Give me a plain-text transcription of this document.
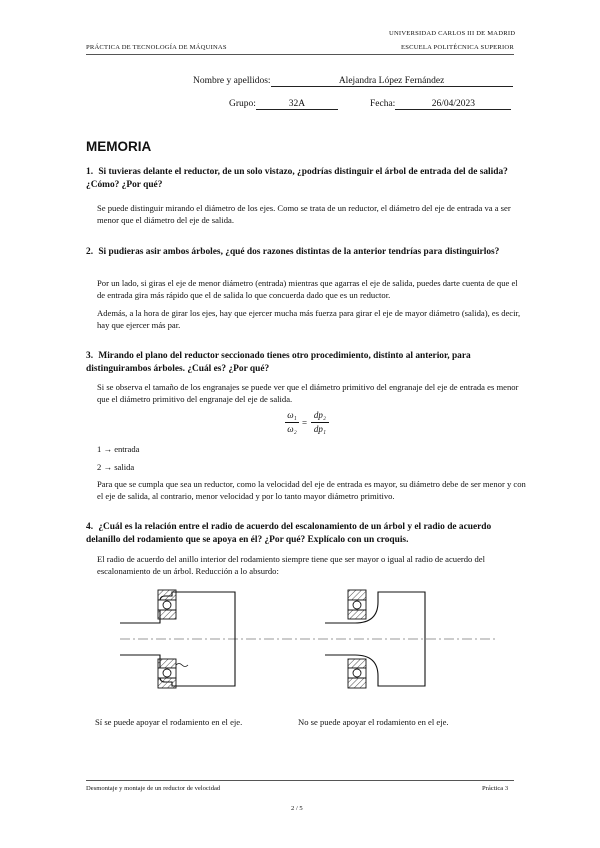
UNIVERSIDAD CARLOS III DE MADRID
PRÁCTICA DE TECNOLOGÍA DE MÁQUINAS	ESCUELA POLITÉCNICA SUPERIOR
Nombre y apellidos:	Alejandra López Fernández
Grupo:	32A	Fecha:	26/04/2023
MEMORIA
1. Si tuvieras delante el reductor, de un solo vistazo, ¿podrías distinguir el árbol de entrada del de salida? ¿Cómo? ¿Por qué?

Se puede distinguir mirando el diámetro de los ejes. Como se trata de un reductor, el diámetro del eje de entrada va a ser menor que el diámetro del eje de salida.

2. Si pudieras asir ambos árboles, ¿qué dos razones distintas de la anterior tendrías para distinguirlos?

Por un lado, si giras el eje de menor diámetro (entrada) mientras que agarras el eje de salida, puedes darte cuenta de que el de entrada gira más rápido que el de salida lo que concuerda dado que es un reductor.

Además, a la hora de girar los ejes, hay que ejercer mucha más fuerza para girar el eje de mayor diámetro (salida), es decir, hay que ejercer más par.

3. Mirando el plano del reductor seccionado tienes otro procedimiento, distinto al anterior, para distinguirambos árboles. ¿Cuál es? ¿Por qué?

Si se observa el tamaño de los engranajes se puede ver que el diámetro primitivo del engranaje del eje de entrada es menor que el diámetro primitivo del engranaje del eje de salida.

ω₁
ω₂
=
dp₂
dp₁

1 → entrada

2 → salida

Para que se cumpla que sea un reductor, como la velocidad del eje de entrada es mayor, su diámetro debe de ser menor y con el eje de salida, al contrario, menor velocidad y por lo tanto mayor diámetro primitivo.

4. ¿Cuál es la relación entre el radio de acuerdo del escalonamiento de un árbol y el radio de acuerdo delanillo del rodamiento que se apoya en él? ¿Por qué? Explícalo con un croquis.

El radio de acuerdo del anillo interior del rodamiento siempre tiene que ser mayor o igual al radio de acuerdo del escalonamiento de un árbol. Reducción a lo absurdo:

Sí se puede apoyar el rodamiento en el eje.	No se puede apoyar el rodamiento en el eje.

Desmontaje y montaje de un reductor de velocidad	Práctica 3
2 / 5
